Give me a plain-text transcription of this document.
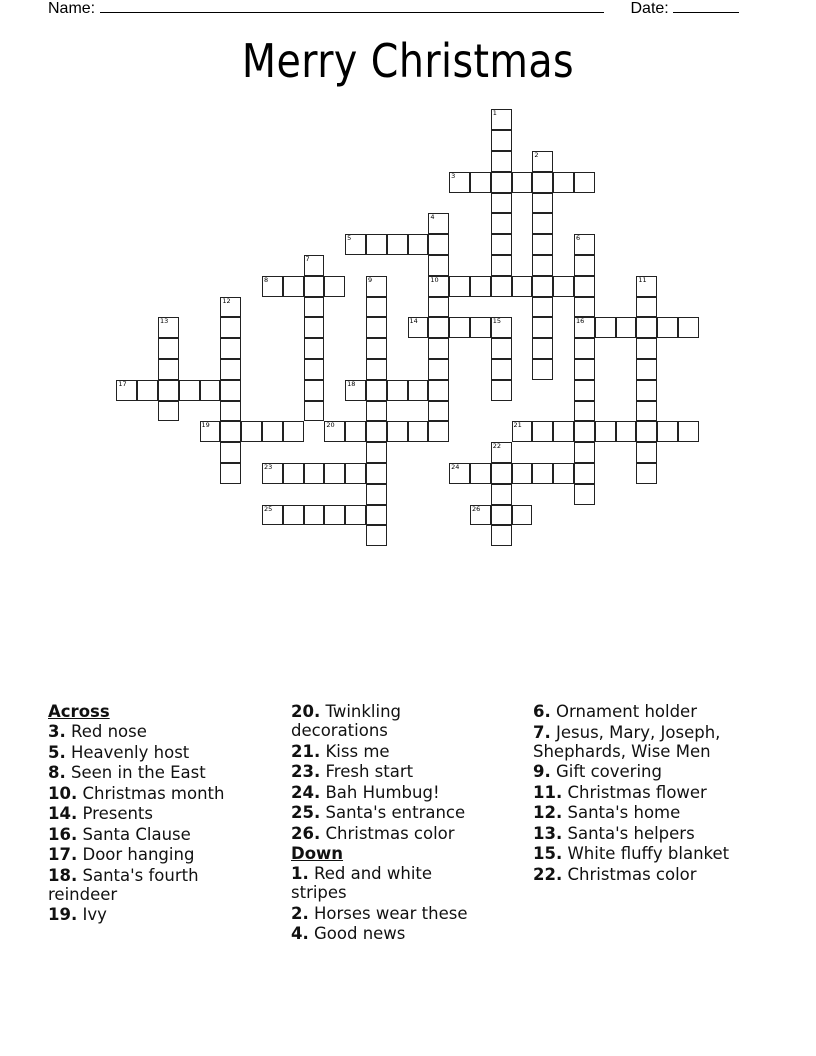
Name:	Date:
Merry Christmas
1
2
3
4
10
5	6
16
7
8	9	11
12
13	14	15
17	18
19	20	21
22
23	24
25	26
Across
3. Red nose
5. Heavenly host
8. Seen in the East
10. Christmas month
14. Presents
16. Santa Clause
17. Door hanging
18. Santa's fourth reindeer
19. Ivy
20. Twinkling decorations
21. Kiss me
23. Fresh start
24. Bah Humbug!
25. Santa's entrance
26. Christmas color
Down
1. Red and white stripes
2. Horses wear these
4. Good news
6. Ornament holder
7. Jesus, Mary, Joseph, Shephards, Wise Men
9. Gift covering
11. Christmas flower
12. Santa's home
13. Santa's helpers
15. White fluffy blanket
22. Christmas color
